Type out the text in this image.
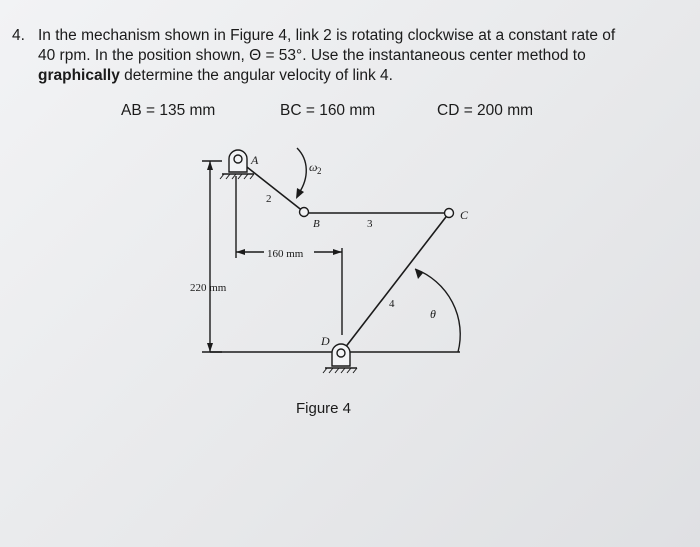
4. In the mechanism shown in Figure 4, link 2 is rotating clockwise at a constant rate of
40 rpm. In the position shown, Θ = 53°. Use the instantaneous center method to
graphically determine the angular velocity of link 4.
AB = 135 mm	BC = 160 mm	CD = 200 mm
A
B
C
D
ω 2
2
3
4
θ
160 mm
220 mm
Figure 4
